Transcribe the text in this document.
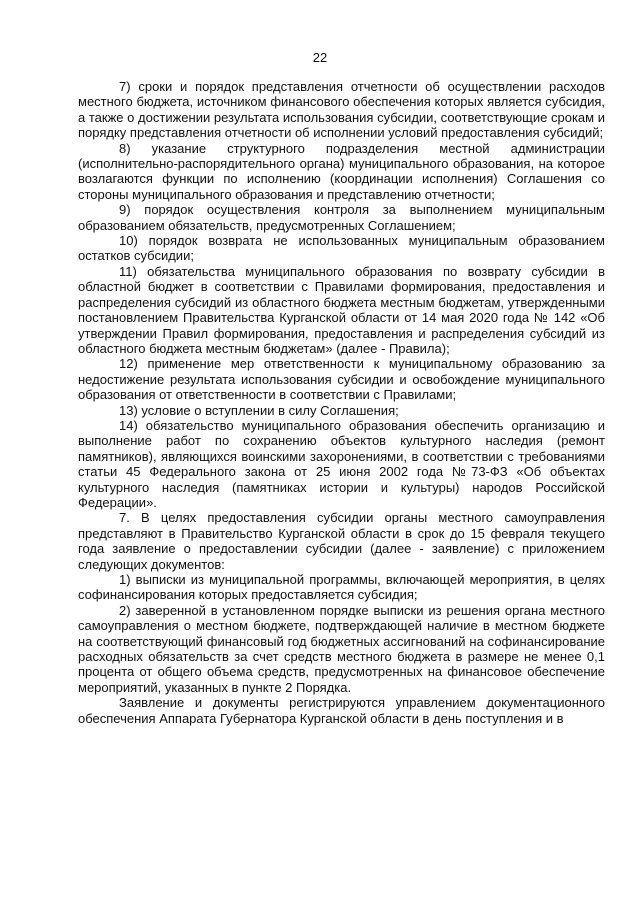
22

7) сроки и порядок представления отчетности об осуществлении расходов местного бюджета, источником финансового обеспечения которых является субсидия, а также о достижении результата использования субсидии, соответствующие срокам и порядку представления отчетности об исполнении условий предоставления субсидий;

8) указание структурного подразделения местной администрации (исполнительно-распорядительного органа) муниципального образования, на которое возлагаются функции по исполнению (координации исполнения) Соглашения со стороны муниципального образования и представлению отчетности;

9) порядок осуществления контроля за выполнением муниципальным образованием обязательств, предусмотренных Соглашением;

10) порядок возврата не использованных муниципальным образованием остатков субсидии;

11) обязательства муниципального образования по возврату субсидии в областной бюджет в соответствии с Правилами формирования, предоставления и распределения субсидий из областного бюджета местным бюджетам, утвержденными постановлением Правительства Курганской области от 14 мая 2020 года № 142 «Об утверждении Правил формирования, предоставления и распределения субсидий из областного бюджета местным бюджетам» (далее - Правила);

12) применение мер ответственности к муниципальному образованию за недостижение результата использования субсидии и освобождение муниципального образования от ответственности в соответствии с Правилами;

13) условие о вступлении в силу Соглашения;

14) обязательство муниципального образования обеспечить организацию и выполнение работ по сохранению объектов культурного наследия (ремонт памятников), являющихся воинскими захоронениями, в соответствии с требованиями статьи 45 Федерального закона от 25 июня 2002 года №73-ФЗ «Об объектах культурного наследия (памятниках истории и культуры) народов Российской Федерации».

7. В целях предоставления субсидии органы местного самоуправления представляют в Правительство Курганской области в срок до 15 февраля текущего года заявление о предоставлении субсидии (далее - заявление) с приложением следующих документов:

1) выписки из муниципальной программы, включающей мероприятия, в целях софинансирования которых предоставляется субсидия;

2) заверенной в установленном порядке выписки из решения органа местного самоуправления о местном бюджете, подтверждающей наличие в местном бюджете на соответствующий финансовый год бюджетных ассигнований на софинансирование расходных обязательств за счет средств местного бюджета в размере не менее 0,1 процента от общего объема средств, предусмотренных на финансовое обеспечение мероприятий, указанных в пункте 2 Порядка.

Заявление и документы регистрируются управлением документационного обеспечения Аппарата Губернатора Курганской области в день поступления и в
